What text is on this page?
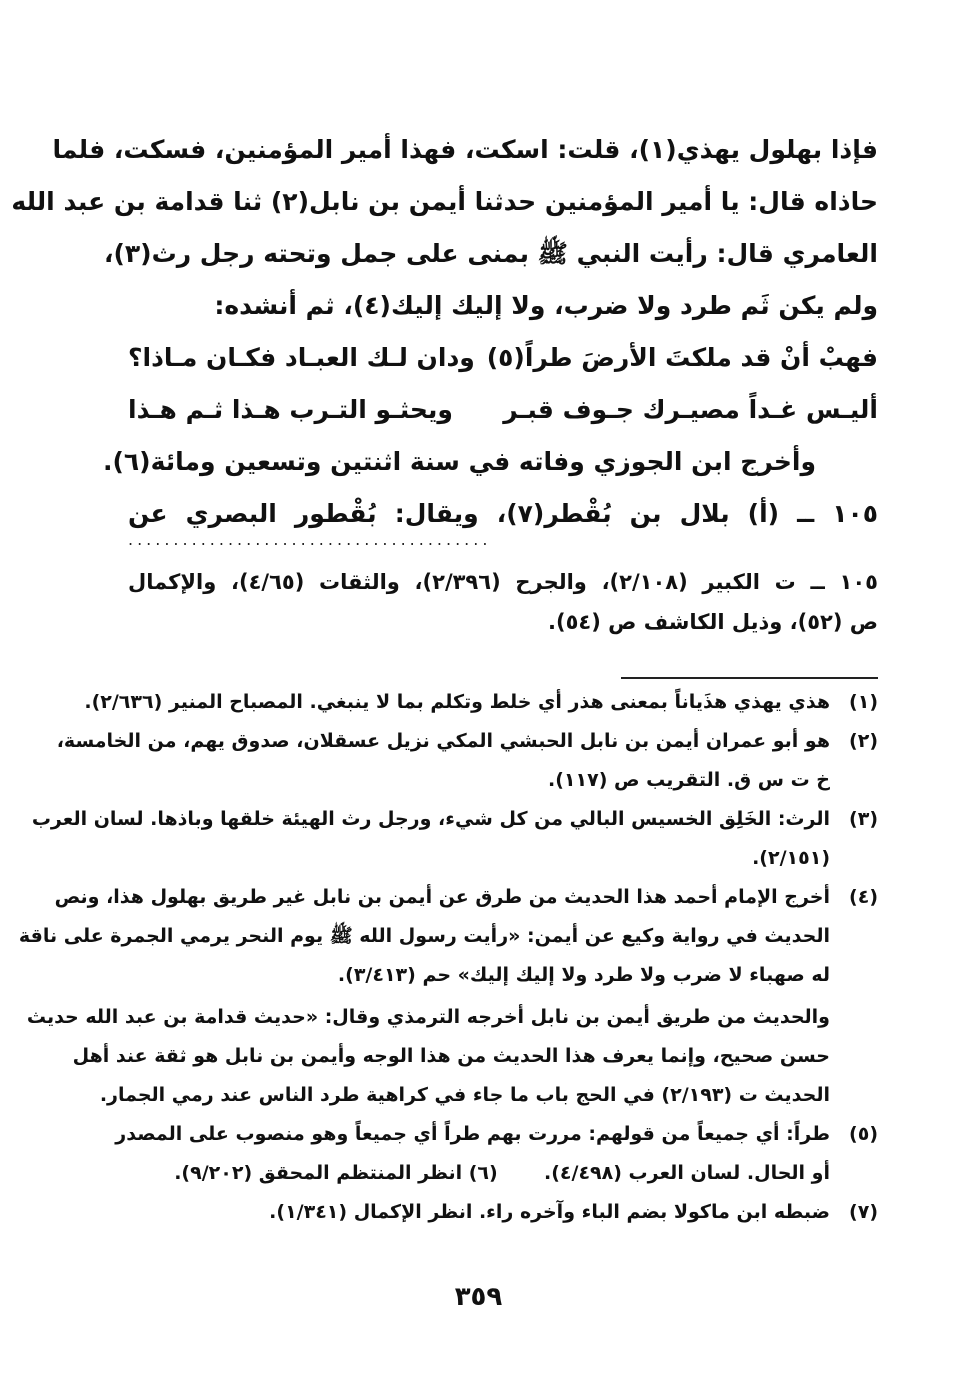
فإذا بهلول يهذي(١)، قلت: اسكت، فهذا أمير المؤمنين، فسكت، فلما
حاذاه قال: يا أمير المؤمنين حدثنا أيمن بن نابل(٢) ثنا قدامة بن عبد الله
العامري قال: رأيت النبي ﷺ بمنى على جمل وتحته رجل رث(٣)،
ولم يكن ثَم طرد ولا ضرب، ولا إليك إليك(٤)، ثم أنشده:
فهبْ أنْ قد ملكتَ الأرضَ طراً(٥)
ودان لـك العبـاد فكـان مـاذا؟
أليـس غـداً مصيـرك جـوف قبـر
ويحثـو التـرب هـذا ثـم هـذا
وأخرج ابن الجوزي وفاته في سنة اثنتين وتسعين ومائة(٦).
١٠٥ ــ (أ) بلال بن بُقْطر(٧)، ويقال: بُقْطور البصري عن
........................................
١٠٥ ــ ت الكبير (٢/١٠٨)، والجرح (٢/٣٩٦)، والثقات (٤/٦٥)، والإكمال
ص (٥٢)، وذيل الكاشف ص (٥٤).
(١)
هذي يهذي هذَياناً بمعنى هذر أي خلط وتكلم بما لا ينبغي. المصباح المنير (٢/٦٣٦).
(٢)
هو أبو عمران أيمن بن نابل الحبشي المكي نزيل عسقلان، صدوق يهم، من الخامسة،
خ ت س ق. التقريب ص (١١٧).
(٣)
الرث: الخَلِق الخسيس البالي من كل شيء، ورجل رث الهيئة خلقها وباذها. لسان العرب
(٢/١٥١).
(٤)
أخرج الإمام أحمد هذا الحديث من طرق عن أيمن بن نابل غير طريق بهلول هذا، ونص
الحديث في رواية وكيع عن أيمن: «رأيت رسول الله ﷺ يوم النحر يرمي الجمرة على ناقة
له صهباء لا ضرب ولا طرد ولا إليك إليك» حم (٣/٤١٣).
والحديث من طريق أيمن بن نابل أخرجه الترمذي وقال: «حديث قدامة بن عبد الله حديث
حسن صحيح، وإنما يعرف هذا الحديث من هذا الوجه وأيمن بن نابل هو ثقة عند أهل
الحديث ت (٢/١٩٣) في الحج باب ما جاء في كراهية طرد الناس عند رمي الجمار.
(٥)
طراً: أي جميعاً من قولهم: مررت بهم طراً أي جميعاً وهو منصوب على المصدر
أو الحال. لسان العرب (٤/٤٩٨).       (٦) انظر المنتظم المحقق (٩/٢٠٢).
(٧)
ضبطه ابن ماكولا بضم الباء وآخره راء. انظر الإكمال (١/٣٤١).
٣٥٩
